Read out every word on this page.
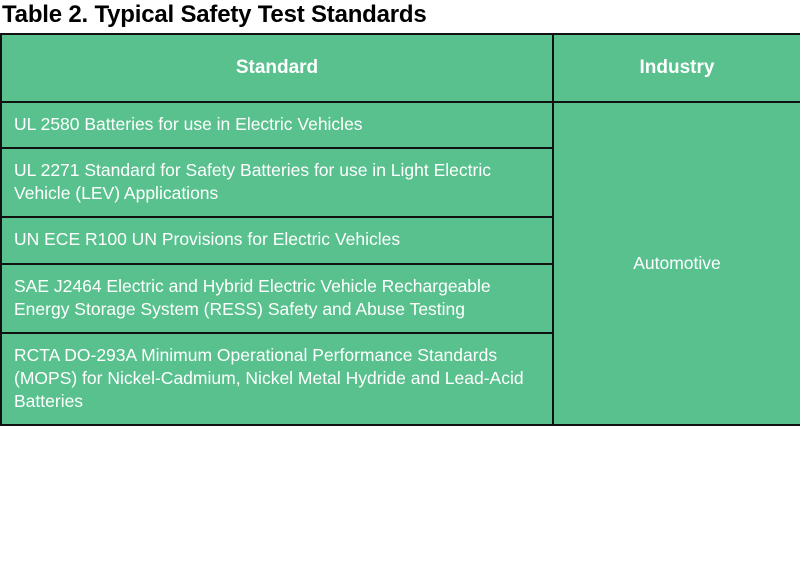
Table 2. Typical Safety Test Standards
Standard	Industry
UL 2580 Batteries for use in Electric Vehicles	Automotive
UL 2271 Standard for Safety Batteries for use in Light Electric Vehicle (LEV) Applications	
UN ECE R100 UN Provisions for Electric Vehicles	
SAE J2464 Electric and Hybrid Electric Vehicle Rechargeable Energy Storage System (RESS) Safety and Abuse Testing	
RCTA DO-293A Minimum Operational Performance Standards (MOPS) for Nickel-Cadmium, Nickel Metal Hydride and Lead-Acid Batteries	
